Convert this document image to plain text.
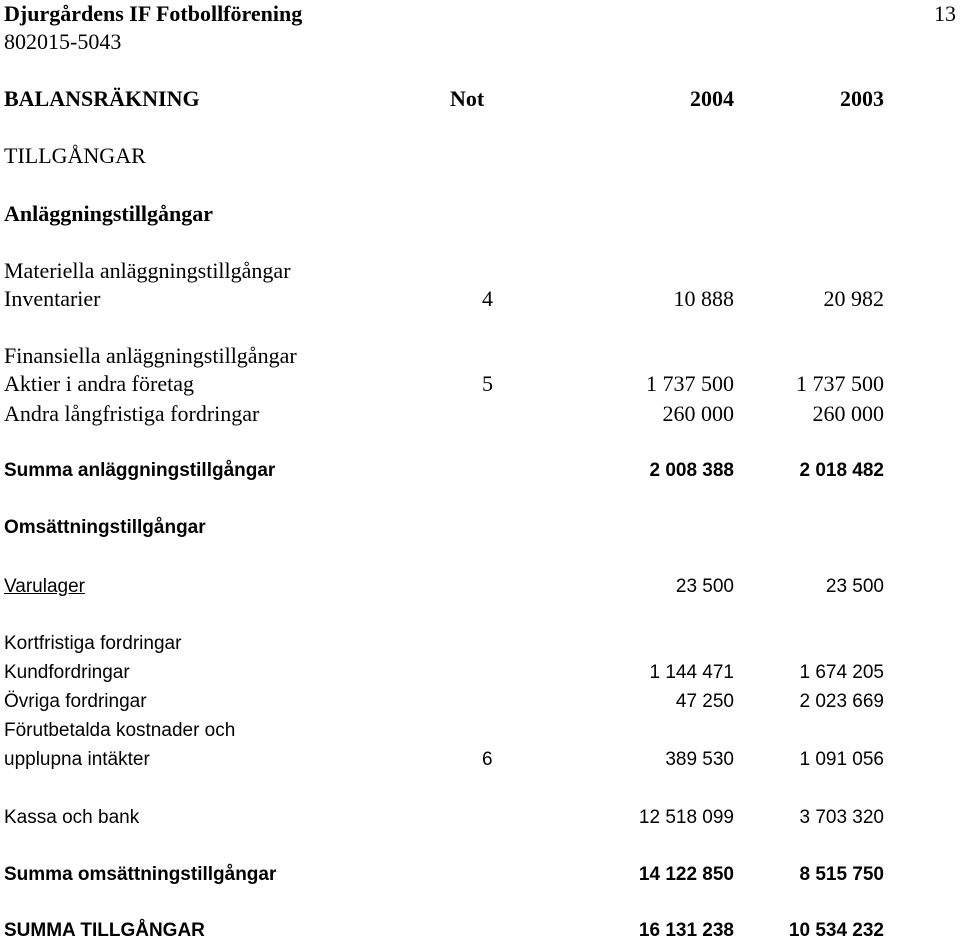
Djurgårdens IF Fotbollförening	13
802015-5043
BALANSRÄKNING	Not	2004	2003
TILLGÅNGAR
Anläggningstillgångar
Materiella anläggningstillgångar
Inventarier	4	10 888	20 982
Finansiella anläggningstillgångar
Aktier i andra företag	5	1 737 500	1 737 500
Andra långfristiga fordringar	260 000	260 000
Summa anläggningstillgångar	2 008 388	2 018 482
Omsättningstillgångar
Varulager	23 500	23 500
Kortfristiga fordringar
Kundfordringar	1 144 471	1 674 205
Övriga fordringar	47 250	2 023 669
Förutbetalda kostnader och
upplupna intäkter	6	389 530	1 091 056
Kassa och bank	12 518 099	3 703 320
Summa omsättningstillgångar	14 122 850	8 515 750
SUMMA TILLGÅNGAR	16 131 238	10 534 232
